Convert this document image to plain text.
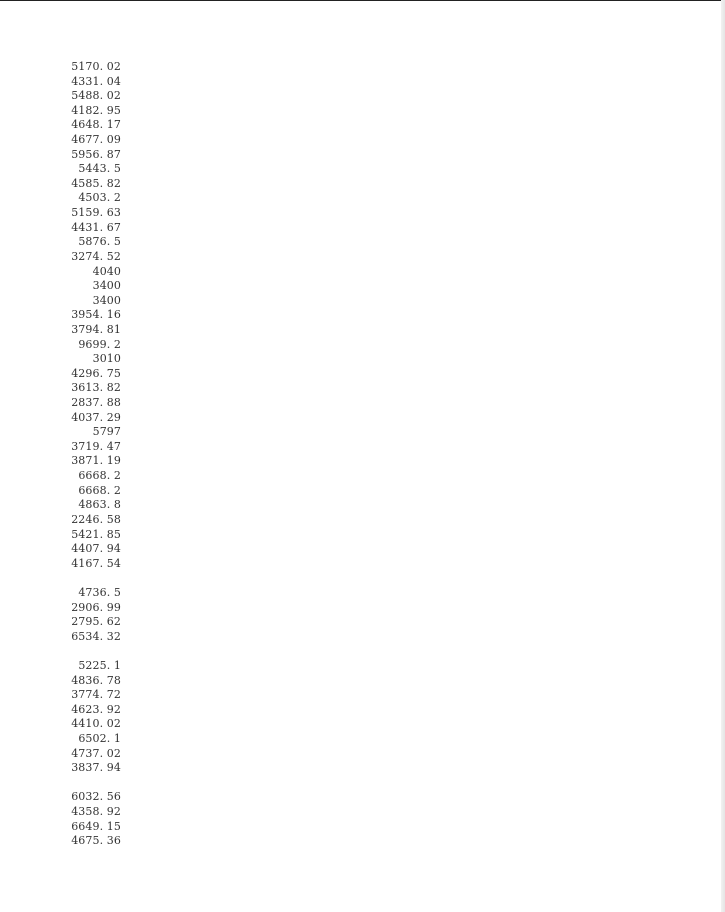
5170. 02
4331. 04
5488. 02
4182. 95
4648. 17
4677. 09
5956. 87
5443. 5
4585. 82
4503. 2
5159. 63
4431. 67
5876. 5
3274. 52
4040
3400
3400
3954. 16
3794. 81
9699. 2
3010
4296. 75
3613. 82
2837. 88
4037. 29
5797
3719. 47
3871. 19
6668. 2
6668. 2
4863. 8
2246. 58
5421. 85
4407. 94
4167. 54
4736. 5
2906. 99
2795. 62
6534. 32
5225. 1
4836. 78
3774. 72
4623. 92
4410. 02
6502. 1
4737. 02
3837. 94
6032. 56
4358. 92
6649. 15
4675. 36
